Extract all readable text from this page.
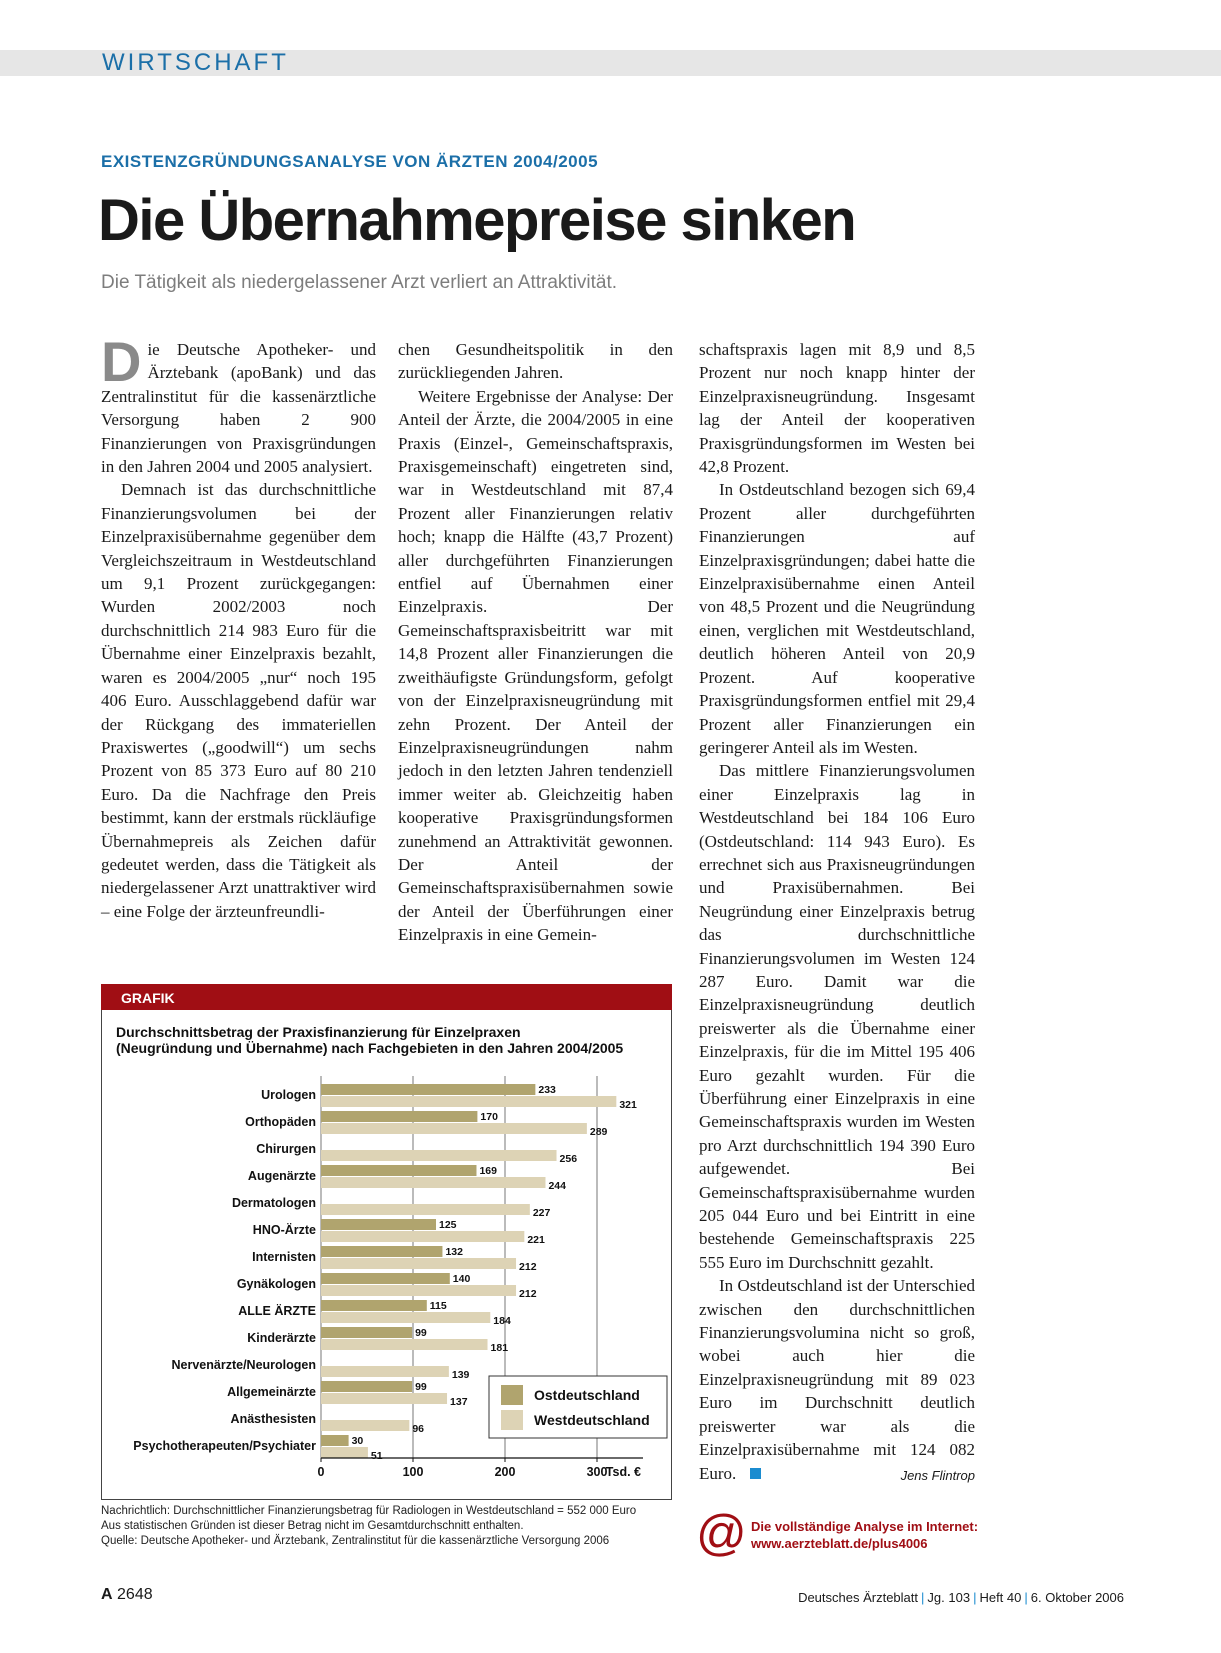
WIRTSCHAFT
EXISTENZGRÜNDUNGSANALYSE VON ÄRZTEN 2004/2005
Die Übernahmepreise sinken
Die Tätigkeit als niedergelassener Arzt verliert an Attraktivität.

Die Deutsche Apotheker- und Ärztebank (apoBank) und das Zentralinstitut für die kassenärztliche Versorgung haben 2 900 Finanzierungen von Praxisgründungen in den Jahren 2004 und 2005 analysiert.

Demnach ist das durchschnittliche Finanzierungsvolumen bei der Einzelpraxisübernahme gegenüber dem Vergleichszeitraum in Westdeutschland um 9,1 Prozent zurückgegangen: Wurden 2002/2003 noch durchschnittlich 214 983 Euro für die Übernahme einer Einzelpraxis bezahlt, waren es 2004/2005 „nur“ noch 195 406 Euro. Ausschlaggebend dafür war der Rückgang des immateriellen Praxiswertes („goodwill“) um sechs Prozent von 85 373 Euro auf 80 210 Euro. Da die Nachfrage den Preis bestimmt, kann der erstmals rückläufige Übernahmepreis als Zeichen dafür gedeutet werden, dass die Tätigkeit als niedergelassener Arzt unattraktiver wird – eine Folge der ärzteunfreundli-

chen Gesundheitspolitik in den zurückliegenden Jahren.

Weitere Ergebnisse der Analyse: Der Anteil der Ärzte, die 2004/2005 in eine Praxis (Einzel-, Gemeinschaftspraxis, Praxisgemeinschaft) eingetreten sind, war in Westdeutschland mit 87,4 Prozent aller Finanzierungen relativ hoch; knapp die Hälfte (43,7 Prozent) aller durchgeführten Finanzierungen entfiel auf Übernahmen einer Einzelpraxis. Der Gemeinschaftspraxisbeitritt war mit 14,8 Prozent aller Finanzierungen die zweithäufigste Gründungsform, gefolgt von der Einzelpraxisneugründung mit zehn Prozent. Der Anteil der Einzelpraxisneugründungen nahm jedoch in den letzten Jahren tendenziell immer weiter ab. Gleichzeitig haben kooperative Praxisgründungsformen zunehmend an Attraktivität gewonnen. Der Anteil der Gemeinschaftspraxisübernahmen sowie der Anteil der Überführungen einer Einzelpraxis in eine Gemein-

schaftspraxis lagen mit 8,9 und 8,5 Prozent nur noch knapp hinter der Einzelpraxisneugründung. Insgesamt lag der Anteil der kooperativen Praxisgründungsformen im Westen bei 42,8 Prozent.

In Ostdeutschland bezogen sich 69,4 Prozent aller durchgeführten Finanzierungen auf Einzelpraxisgründungen; dabei hatte die Einzelpraxisübernahme einen Anteil von 48,5 Prozent und die Neugründung einen, verglichen mit Westdeutschland, deutlich höheren Anteil von 20,9 Prozent. Auf kooperative Praxisgründungsformen entfiel mit 29,4 Prozent aller Finanzierungen ein geringerer Anteil als im Westen.

Das mittlere Finanzierungsvolumen einer Einzelpraxis lag in Westdeutschland bei 184 106 Euro (Ostdeutschland: 114 943 Euro). Es errechnet sich aus Praxisneugründungen und Praxisübernahmen. Bei Neugründung einer Einzelpraxis betrug das durchschnittliche Finanzierungsvolumen im Westen 124 287 Euro. Damit war die Einzelpraxisneugründung deutlich preiswerter als die Übernahme einer Einzelpraxis, für die im Mittel 195 406 Euro gezahlt wurden. Für die Überführung einer Einzelpraxis in eine Gemeinschaftspraxis wurden im Westen pro Arzt durchschnittlich 194 390 Euro aufgewendet. Bei Gemeinschaftspraxisübernahme wurden 205 044 Euro und bei Eintritt in eine bestehende Gemeinschaftspraxis 225 555 Euro im Durchschnitt gezahlt.

In Ostdeutschland ist der Unterschied zwischen den durchschnittlichen Finanzierungsvolumina nicht so groß, wobei auch hier die Einzelpraxisneugründung mit 89 023 Euro im Durchschnitt deutlich preiswerter war als die Einzelpraxisübernahme mit 124 082 Euro.	Jens Flintrop
GRAFIK
Durchschnittsbetrag der Praxisfinanzierung für Einzelpraxen
(Neugründung und Übernahme) nach Fachgebieten in den Jahren 2004/2005
Urologen	233
321
Orthopäden	170
289
Chirurgen
256
Augenärzte	169
244
Dermatologen
227
HNO-Ärzte	125
221
Internisten	132
212
Gynäkologen	140
212
ALLE ÄRZTE	115
184
Kinderärzte	99
181
Nervenärzte/Neurologen
139
Allgemeinärzte	99
137
Anästhesisten
96
Psychotherapeuten/Psychiater	30
51
0	100	200	300
Tsd. €
Ostdeutschland
Westdeutschland
Nachrichtlich: Durchschnittlicher Finanzierungsbetrag für Radiologen in Westdeutschland = 552 000 Euro
Aus statistischen Gründen ist dieser Betrag nicht im Gesamtdurchschnitt enthalten.
Quelle: Deutsche Apotheker- und Ärztebank, Zentralinstitut für die kassenärztliche Versorgung 2006	@ Die vollständige Analyse im Internet:
www.aerzteblatt.de/plus4006
A 2648	Deutsches Ärzteblatt | Jg. 103 | Heft 40 | 6. Oktober 2006
